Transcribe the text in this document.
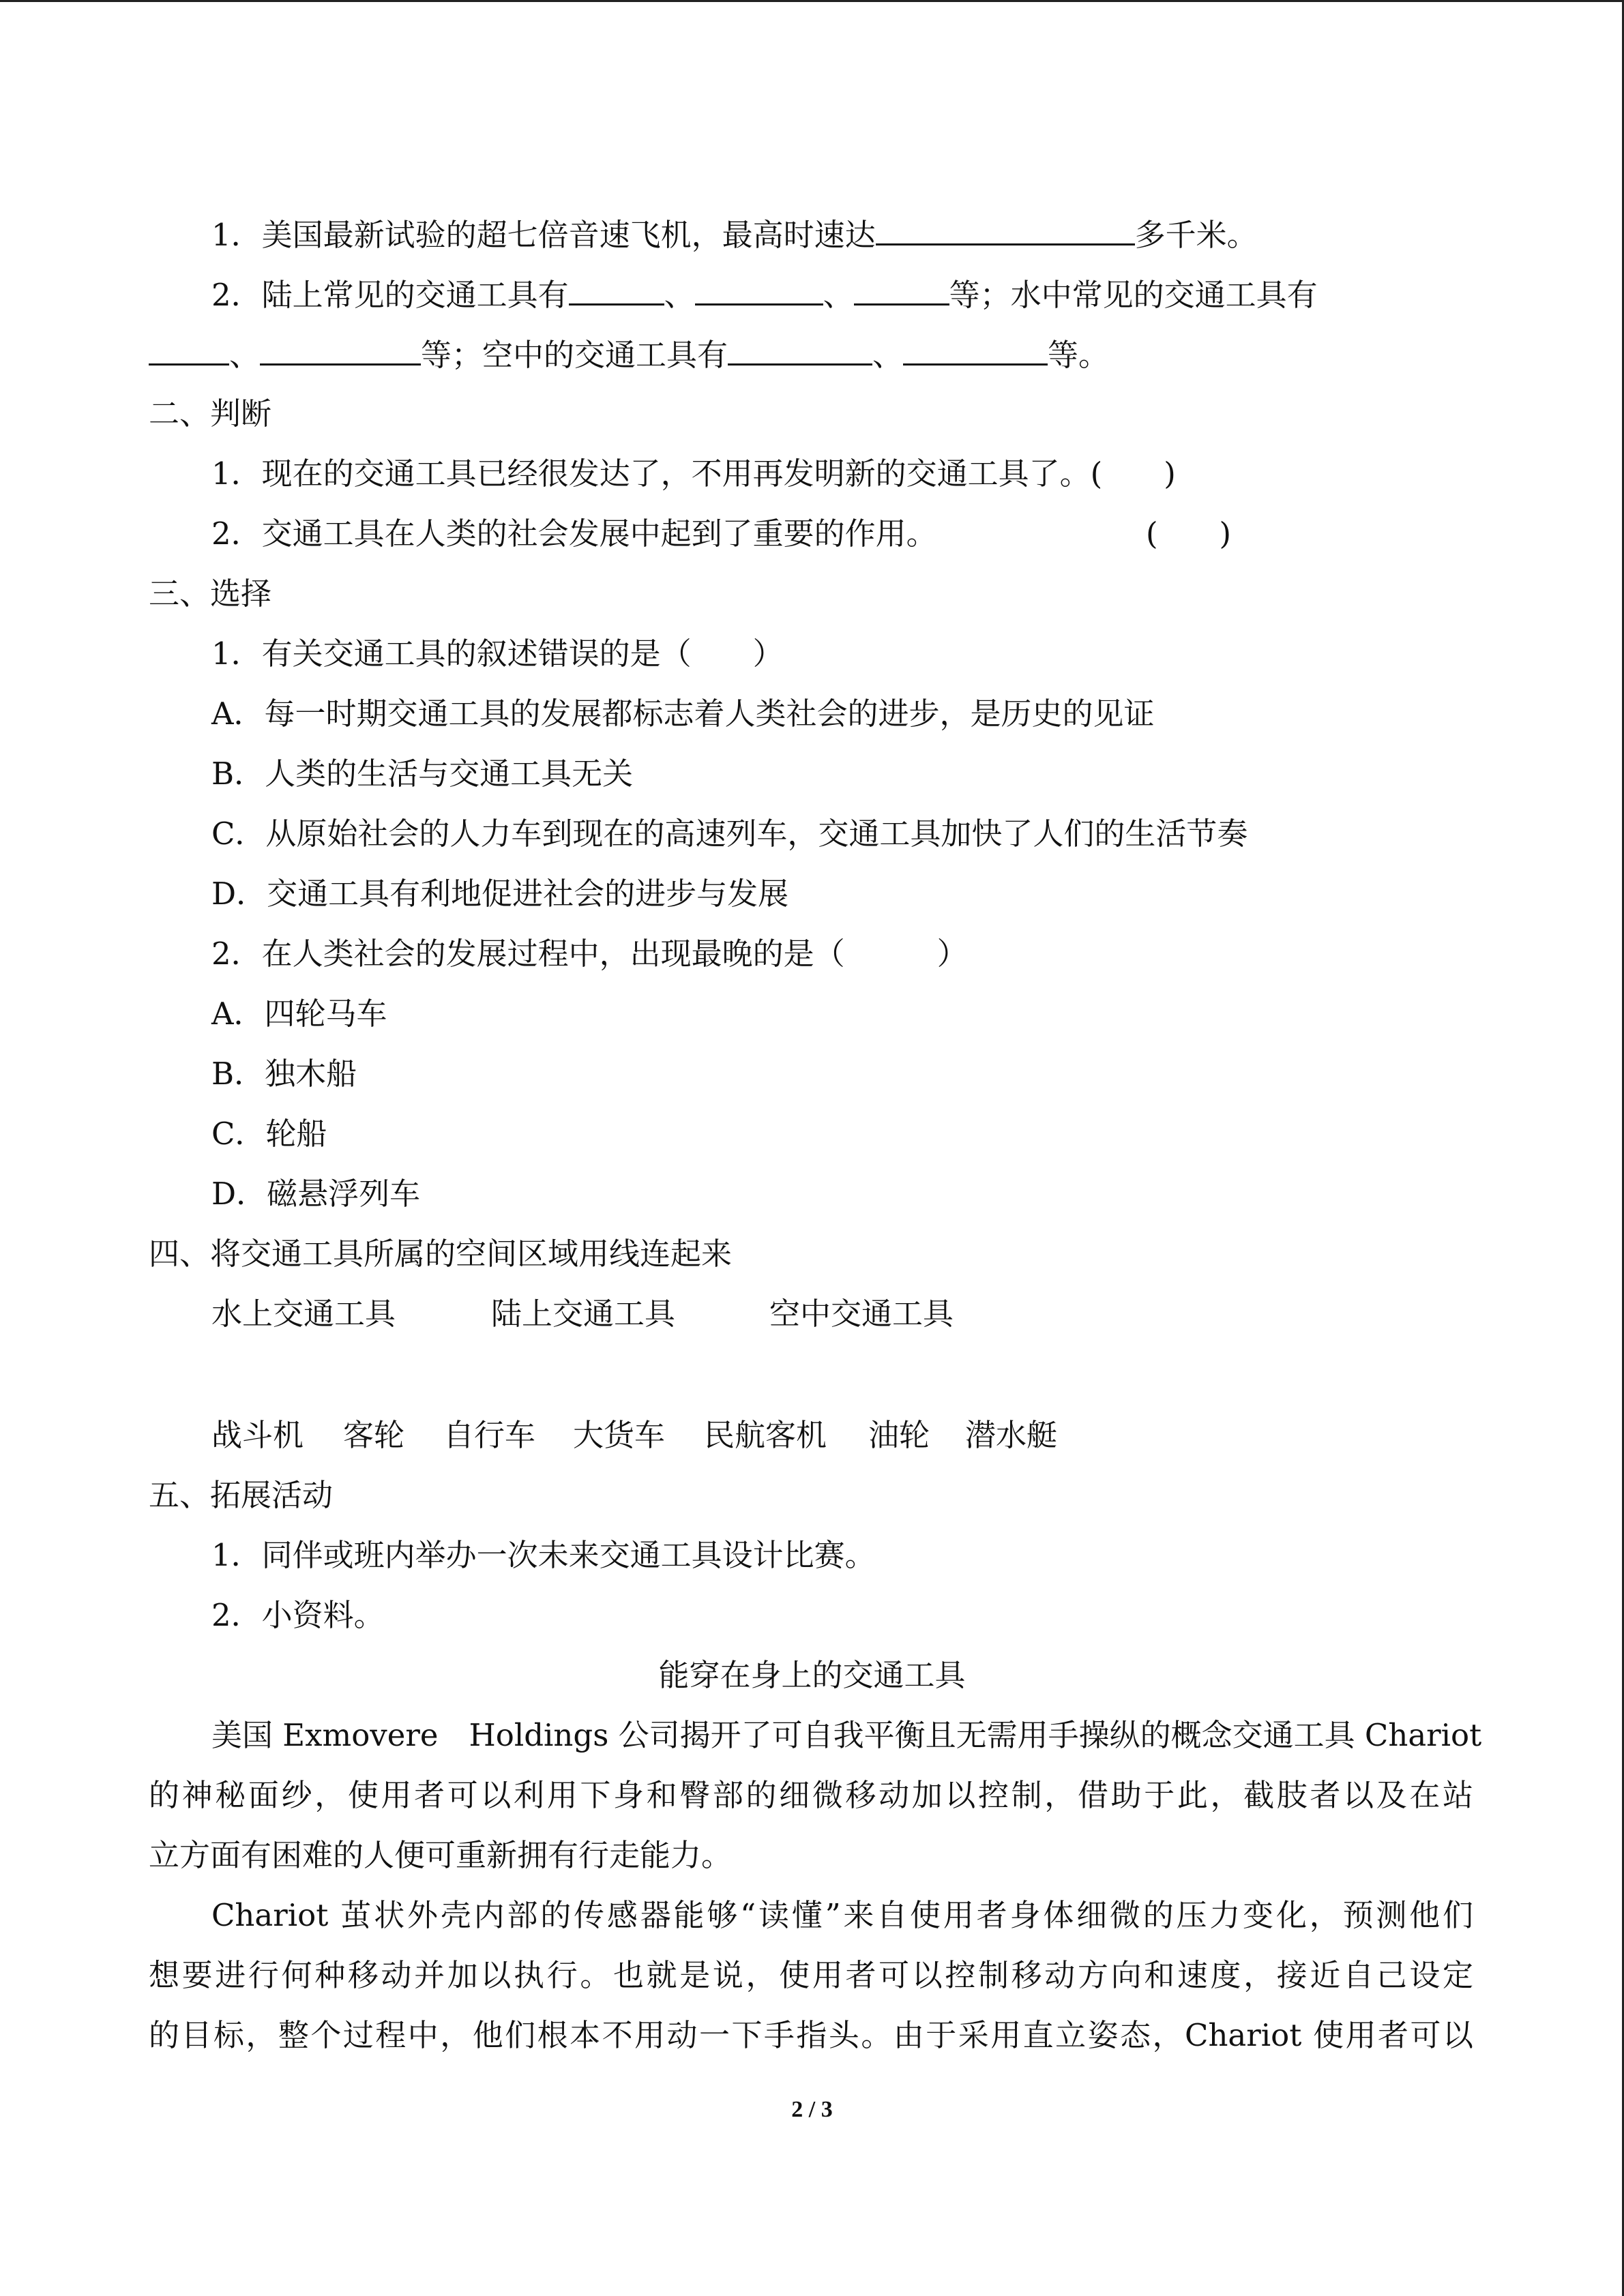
1．美国最新试验的超七倍音速飞机，最高时速达	多千米。
2．陆上常见的交通工具有	、	、	等；水中常见的交通工具有
、	等；空中的交通工具有	、	等。
二、判断
1．现在的交通工具已经很发达了，不用再发明新的交通工具了。(　　)
2．交通工具在人类的社会发展中起到了重要的作用。	(　　)
三、选择
1．有关交通工具的叙述错误的是（　　）
A．每一时期交通工具的发展都标志着人类社会的进步，是历史的见证
B．人类的生活与交通工具无关
C．从原始社会的人力车到现在的高速列车，交通工具加快了人们的生活节奏
D．交通工具有利地促进社会的进步与发展
2．在人类社会的发展过程中，出现最晚的是（　　　）
A．四轮马车
B．独木船
C．轮船
D．磁悬浮列车
四、将交通工具所属的空间区域用线连起来
水上交通工具	陆上交通工具	空中交通工具
战斗机 客轮 自行车 大货车 民航客机 油轮 潜水艇
五、拓展活动
1．同伴或班内举办一次未来交通工具设计比赛。
2．小资料。
能穿在身上的交通工具
美国 Exmovere　Holdings 公司揭开了可自我平衡且无需用手操纵的概念交通工具 Chariot
的神秘面纱，使用者可以利用下身和臀部的细微移动加以控制，借助于此，截肢者以及在站
立方面有困难的人便可重新拥有行走能力。
Chariot 茧状外壳内部的传感器能够“读懂”来自使用者身体细微的压力变化，预测他们
想要进行何种移动并加以执行。也就是说，使用者可以控制移动方向和速度，接近自己设定
的目标，整个过程中，他们根本不用动一下手指头。由于采用直立姿态，Chariot 使用者可以
2 / 3
